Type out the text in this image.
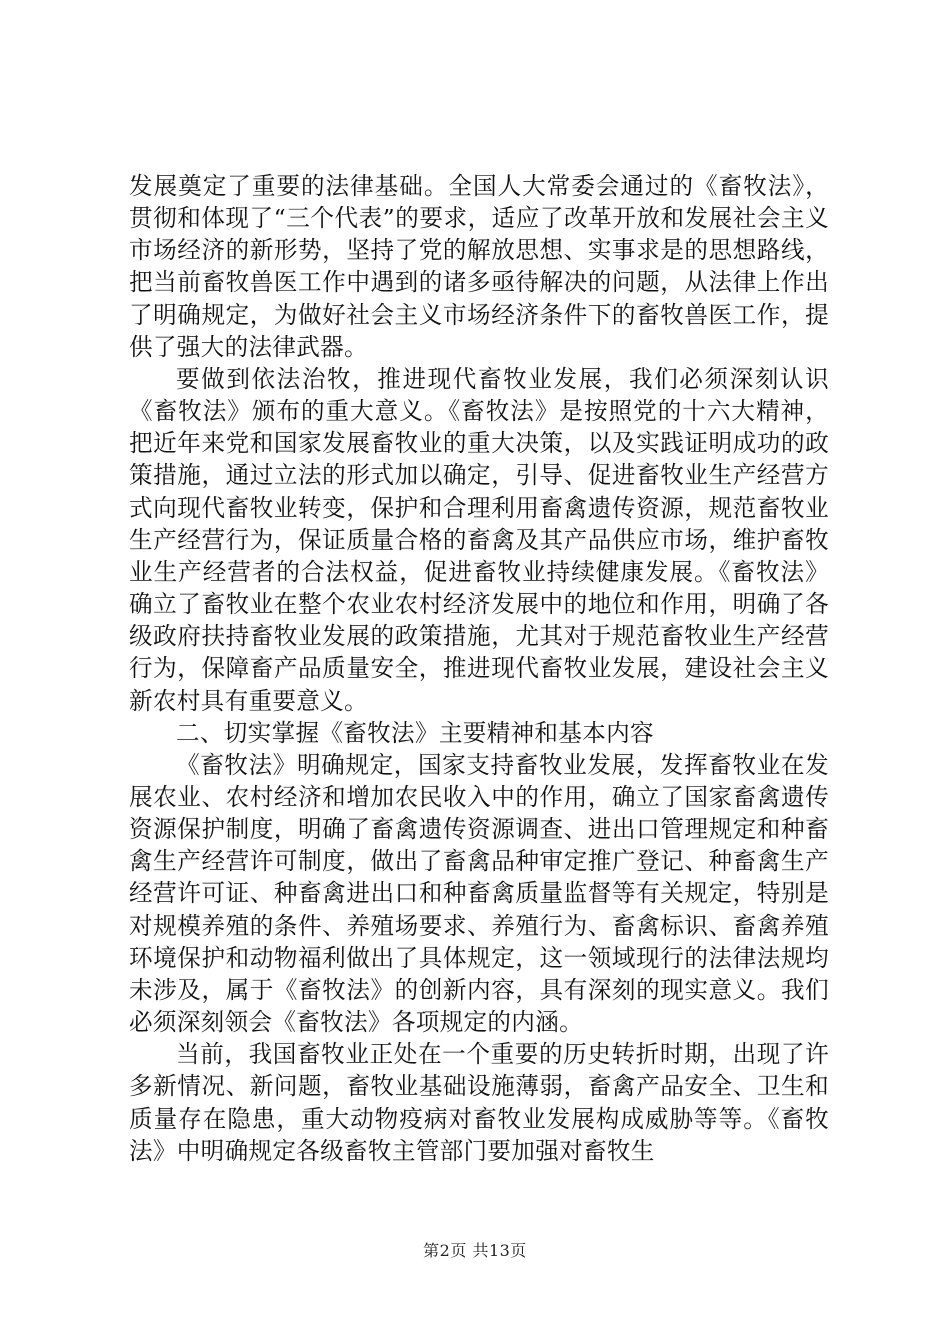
发展奠定了重要的法律基础。全国人大常委会通过的《畜牧法》，贯彻和体现了“三个代表”的要求，适应了改革开放和发展社会主义市场经济的新形势，坚持了党的解放思想、实事求是的思想路线，把当前畜牧兽医工作中遇到的诸多亟待解决的问题，从法律上作出了明确规定，为做好社会主义市场经济条件下的畜牧兽医工作，提供了强大的法律武器。

要做到依法治牧，推进现代畜牧业发展，我们必须深刻认识《畜牧法》颁布的重大意义。《畜牧法》是按照党的十六大精神，把近年来党和国家发展畜牧业的重大决策，以及实践证明成功的政策措施，通过立法的形式加以确定，引导、促进畜牧业生产经营方式向现代畜牧业转变，保护和合理利用畜禽遗传资源，规范畜牧业生产经营行为，保证质量合格的畜禽及其产品供应市场，维护畜牧业生产经营者的合法权益，促进畜牧业持续健康发展。《畜牧法》确立了畜牧业在整个农业农村经济发展中的地位和作用，明确了各级政府扶持畜牧业发展的政策措施，尤其对于规范畜牧业生产经营行为，保障畜产品质量安全，推进现代畜牧业发展，建设社会主义新农村具有重要意义。

二、切实掌握《畜牧法》主要精神和基本内容

《畜牧法》明确规定，国家支持畜牧业发展，发挥畜牧业在发展农业、农村经济和增加农民收入中的作用，确立了国家畜禽遗传资源保护制度，明确了畜禽遗传资源调查、进出口管理规定和种畜禽生产经营许可制度，做出了畜禽品种审定推广登记、种畜禽生产经营许可证、种畜禽进出口和种畜禽质量监督等有关规定，特别是对规模养殖的条件、养殖场要求、养殖行为、畜禽标识、畜禽养殖环境保护和动物福利做出了具体规定，这一领域现行的法律法规均未涉及，属于《畜牧法》的创新内容，具有深刻的现实意义。我们必须深刻领会《畜牧法》各项规定的内涵。

当前，我国畜牧业正处在一个重要的历史转折时期，出现了许多新情况、新问题，畜牧业基础设施薄弱，畜禽产品安全、卫生和质量存在隐患，重大动物疫病对畜牧业发展构成威胁等等。《畜牧法》中明确规定各级畜牧主管部门要加强对畜牧生

第2页 共13页
